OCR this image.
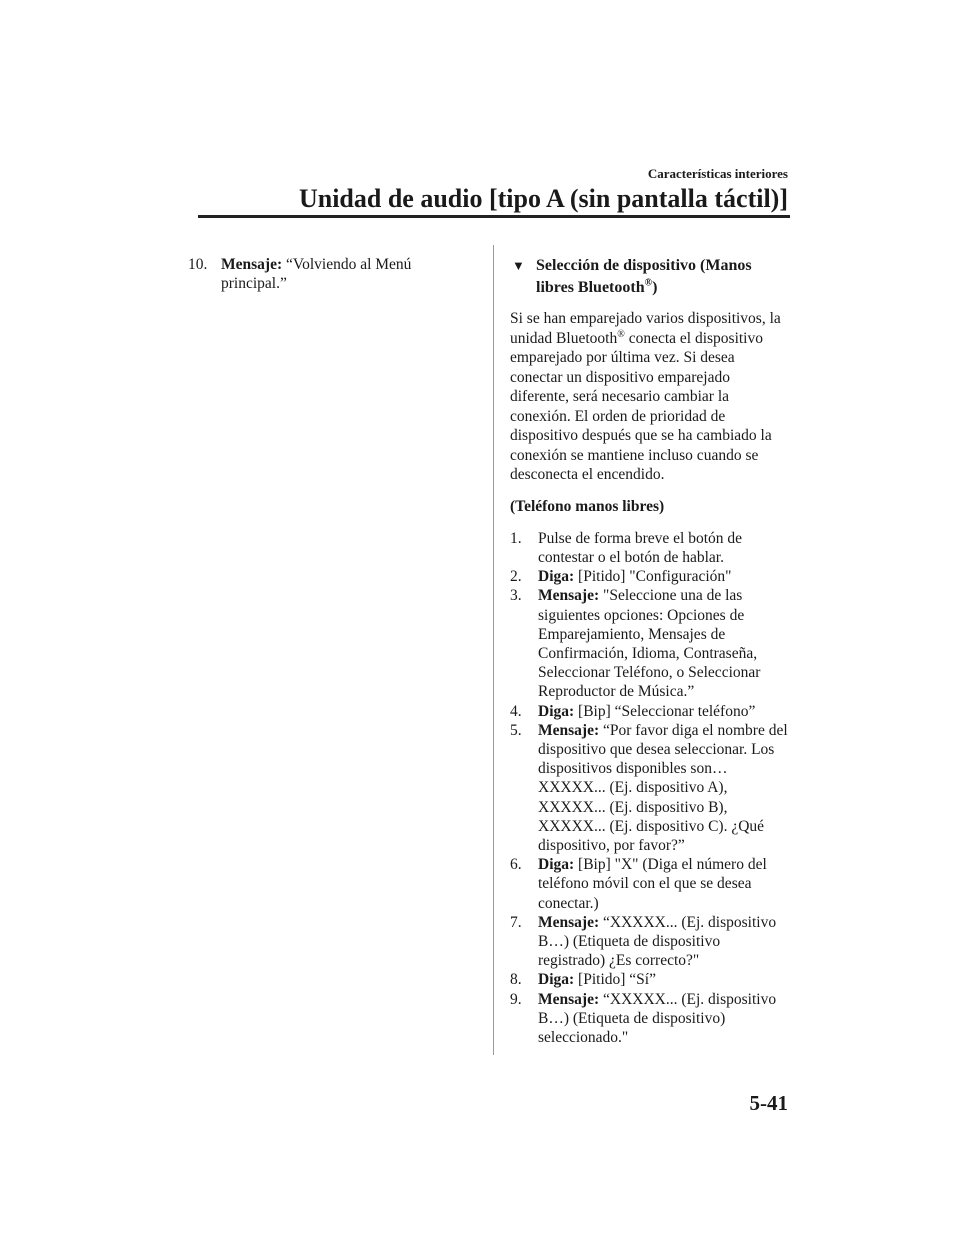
Características interiores
Unidad de audio [tipo A (sin pantalla táctil)]
10. Mensaje: “Volviendo al Menú principal.”
▼ Selección de dispositivo (Manos libres Bluetooth®)

Si se han emparejado varios dispositivos, la unidad Bluetooth® conecta el dispositivo emparejado por última vez. Si desea conectar un dispositivo emparejado diferente, será necesario cambiar la conexión. El orden de prioridad de dispositivo después que se ha cambiado la conexión se mantiene incluso cuando se desconecta el encendido.

(Teléfono manos libres)

1. Pulse de forma breve el botón de contestar o el botón de hablar.
2. Diga: [Pitido] "Configuración"
3. Mensaje: "Seleccione una de las siguientes opciones: Opciones de Emparejamiento, Mensajes de Confirmación, Idioma, Contraseña, Seleccionar Teléfono, o Seleccionar Reproductor de Música.”
4. Diga: [Bip] “Seleccionar teléfono”
5. Mensaje: “Por favor diga el nombre del dispositivo que desea seleccionar. Los dispositivos disponibles son… XXXXX... (Ej. dispositivo A), XXXXX... (Ej. dispositivo B), XXXXX... (Ej. dispositivo C). ¿Qué dispositivo, por favor?”
6. Diga: [Bip] "X" (Diga el número del teléfono móvil con el que se desea conectar.)
7. Mensaje: “XXXXX... (Ej. dispositivo B…) (Etiqueta de dispositivo registrado) ¿Es correcto?"
8. Diga: [Pitido] “Sí”
9. Mensaje: “XXXXX... (Ej. dispositivo B…) (Etiqueta de dispositivo) seleccionado."
5-41
